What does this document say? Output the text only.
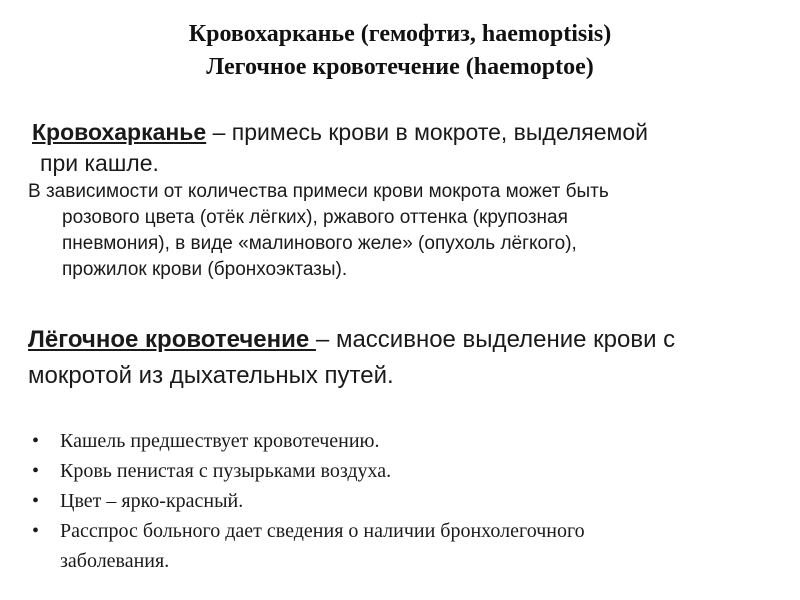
Кровохарканье (гемофтиз, haemoptisis)
Легочное кровотечение (haemoptoe)
Кровохарканье – примесь крови в мокроте, выделяемой
при кашле.
В зависимости от количества примеси крови мокрота может быть
розового цвета (отёк лёгких), ржавого оттенка (крупозная
пневмония), в виде «малинового желе» (опухоль лёгкого),
прожилок крови (бронхоэктазы).
Лёгочное кровотечение – массивное выделение крови с
мокротой из дыхательных путей.
•	Кашель предшествует кровотечению.
•	Кровь пенистая с пузырьками воздуха.
•	Цвет – ярко-красный.
•	Расспрос больного дает сведения о наличии бронхолегочного
заболевания.
